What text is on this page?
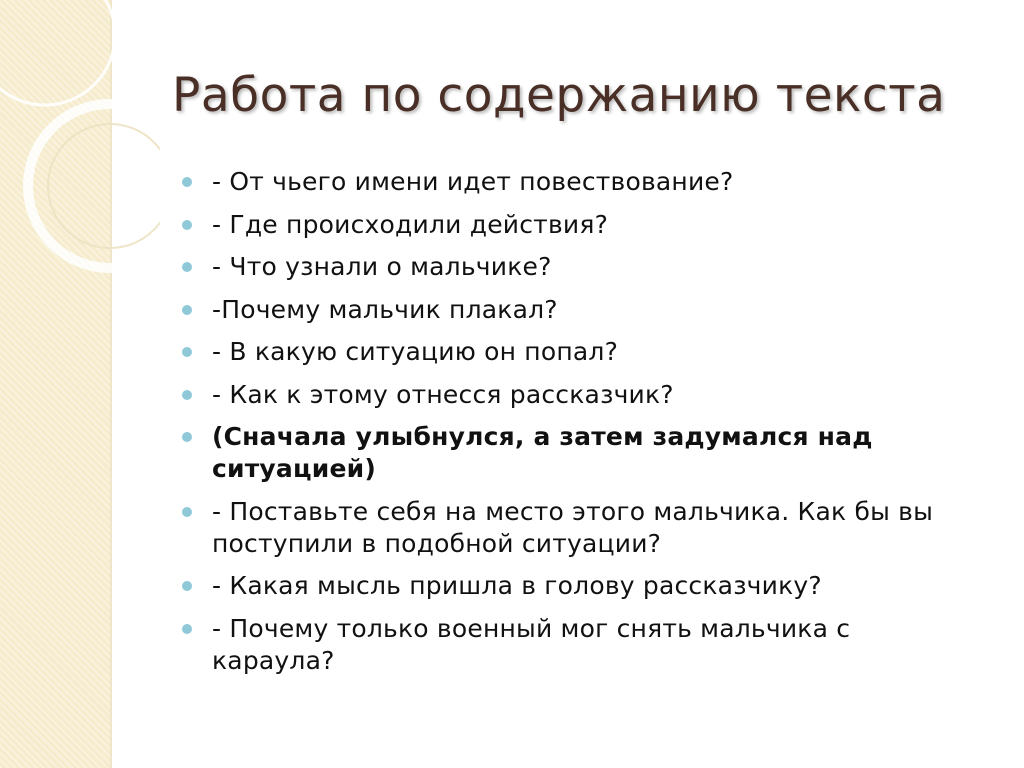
Работа по содержанию текста
- От чьего имени идет повествование?
- Где происходили действия?
- Что узнали о мальчике?
-Почему мальчик плакал?
- В какую ситуацию он попал?
- Как к этому отнесся рассказчик?
(Сначала улыбнулся, а затем задумался над ситуацией)
- Поставьте себя на место этого мальчика. Как бы вы поступили в подобной ситуации?
- Какая мысль пришла в голову рассказчику?
- Почему только военный мог снять мальчика с караула?
